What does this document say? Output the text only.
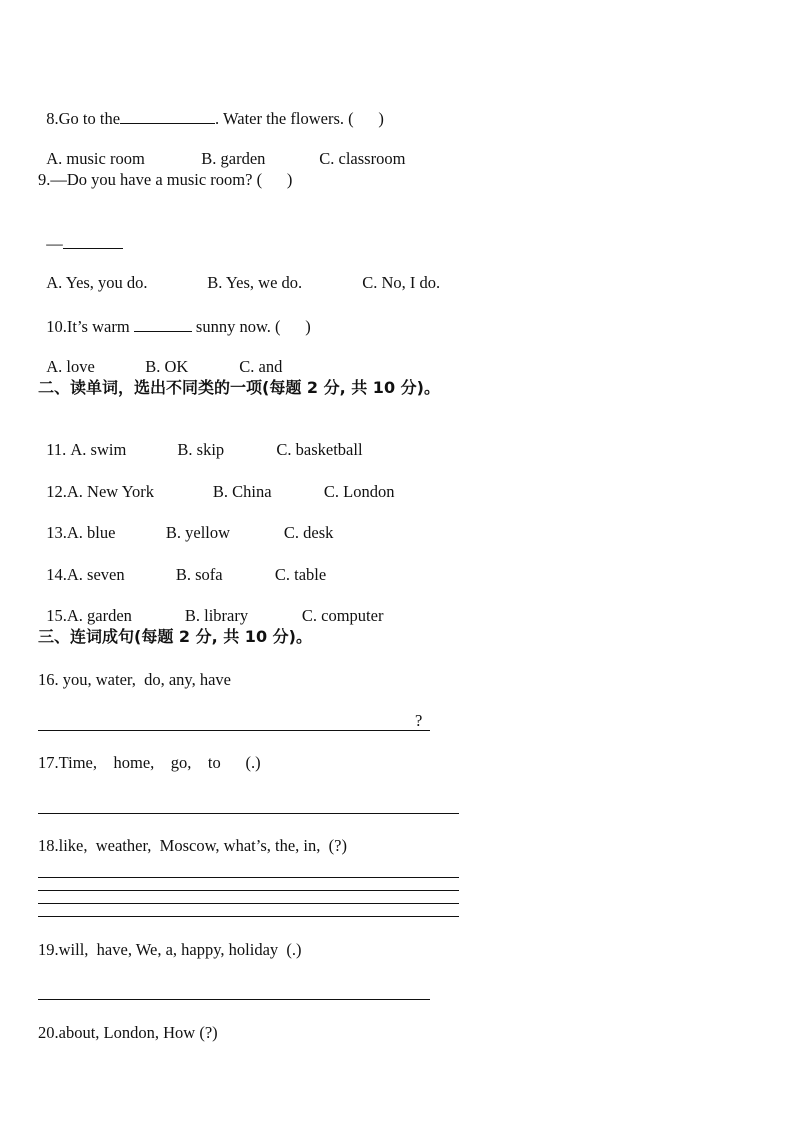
8.Go to the	. Water the flowers. (      )

A. music room	B. garden	C. classroom

9.—Do you have a music room? (      )

—

A. Yes, you do.	B. Yes, we do.	C. No, I do.

10.It’s warm	sunny now. (      )

A. love	B. OK	C. and

二、读单词，选出不同类的一项(每题 2 分, 共 10 分)。

11. A. swim	B. skip	C. basketball

12.A. New York	B. China	C. London

13.A. blue	B. yellow	C. desk

14.A. seven	B. sofa	C. table

15.A. garden	B. library	C. computer

三、连词成句(每题 2 分, 共 10 分)。
16. you, water,  do, any, have
?
17.Time,    home,    go,    to      (.)
18.like,  weather,  Moscow, what’s, the, in,  (?)
19.will,  have, We, a, happy, holiday  (.)
20.about, London, How (?)
